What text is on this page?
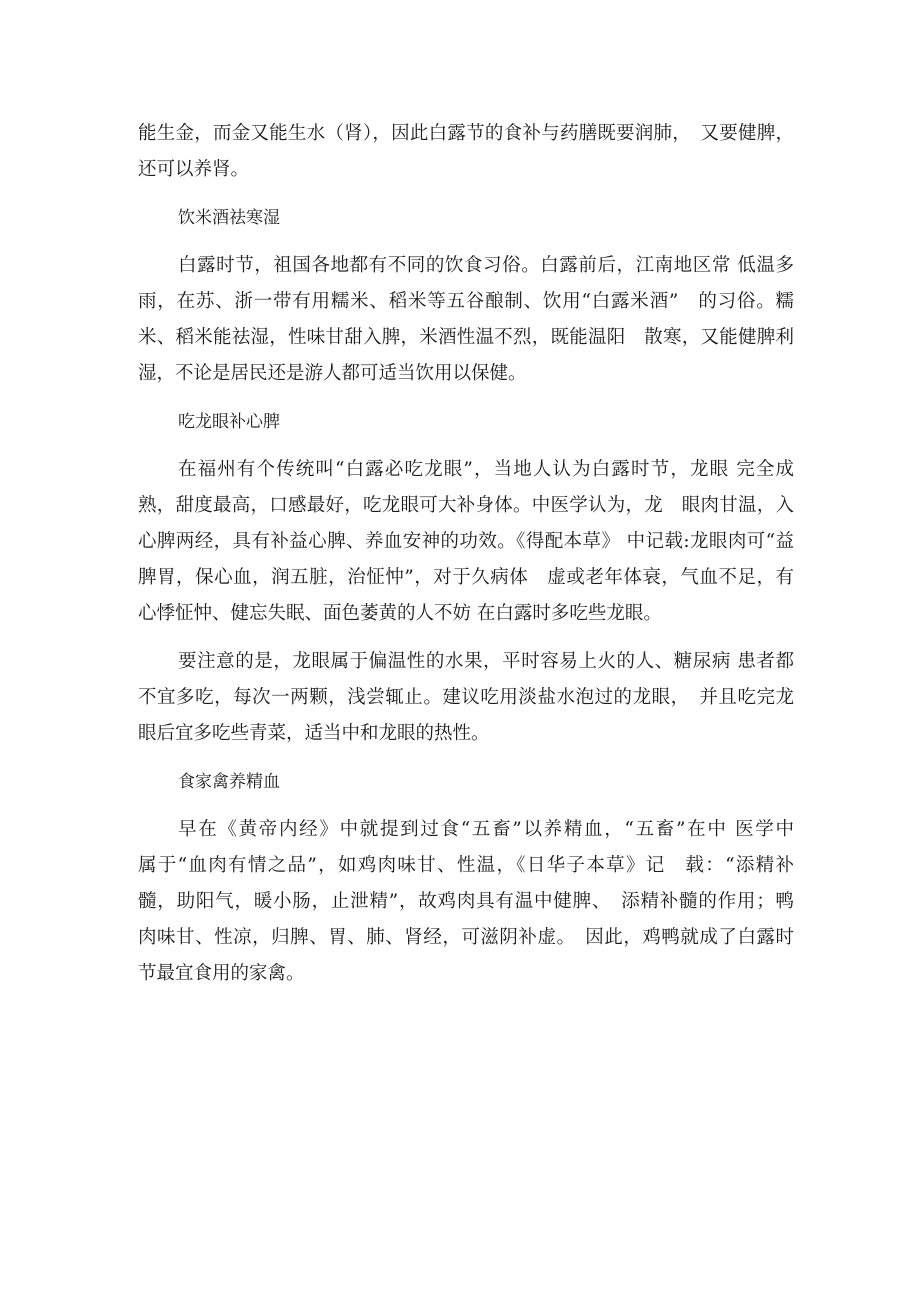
能生金，而金又能生水（肾），因此白露节的食补与药膳既要润肺，　又要健脾，

还可以养肾。

饮米酒祛寒湿

白露时节，祖国各地都有不同的饮食习俗。白露前后，江南地区常 低温多

雨，在苏、浙一带有用糯米、稻米等五谷酿制、饮用“白露米酒”　的习俗。糯

米、稻米能祛湿，性味甘甜入脾，米酒性温不烈，既能温阳　散寒，又能健脾利

湿，不论是居民还是游人都可适当饮用以保健。

吃龙眼补心脾

在福州有个传统叫“白露必吃龙眼”，当地人认为白露时节，龙眼 完全成

熟，甜度最高，口感最好，吃龙眼可大补身体。中医学认为，龙　眼肉甘温，入

心脾两经，具有补益心脾、养血安神的功效。《得配本草》 中记载:龙眼肉可“益

脾胃，保心血，润五脏，治怔忡”，对于久病体　虚或老年体衰，气血不足，有

心悸怔忡、健忘失眠、面色萎黄的人不妨 在白露时多吃些龙眼。

要注意的是，龙眼属于偏温性的水果，平时容易上火的人、糖尿病 患者都

不宜多吃，每次一两颗，浅尝辄止。建议吃用淡盐水泡过的龙眼，　并且吃完龙

眼后宜多吃些青菜，适当中和龙眼的热性。

食家禽养精血

早在《黄帝内经》中就提到过食“五畜”以养精血，“五畜”在中 医学中

属于“血肉有情之品”，如鸡肉味甘、性温，《日华子本草》记　载：“添精补

髓，助阳气，暖小肠，止泄精”，故鸡肉具有温中健脾、　添精补髓的作用；鸭

肉味甘、性凉，归脾、胃、肺、肾经，可滋阴补虚。　因此，鸡鸭就成了白露时

节最宜食用的家禽。
